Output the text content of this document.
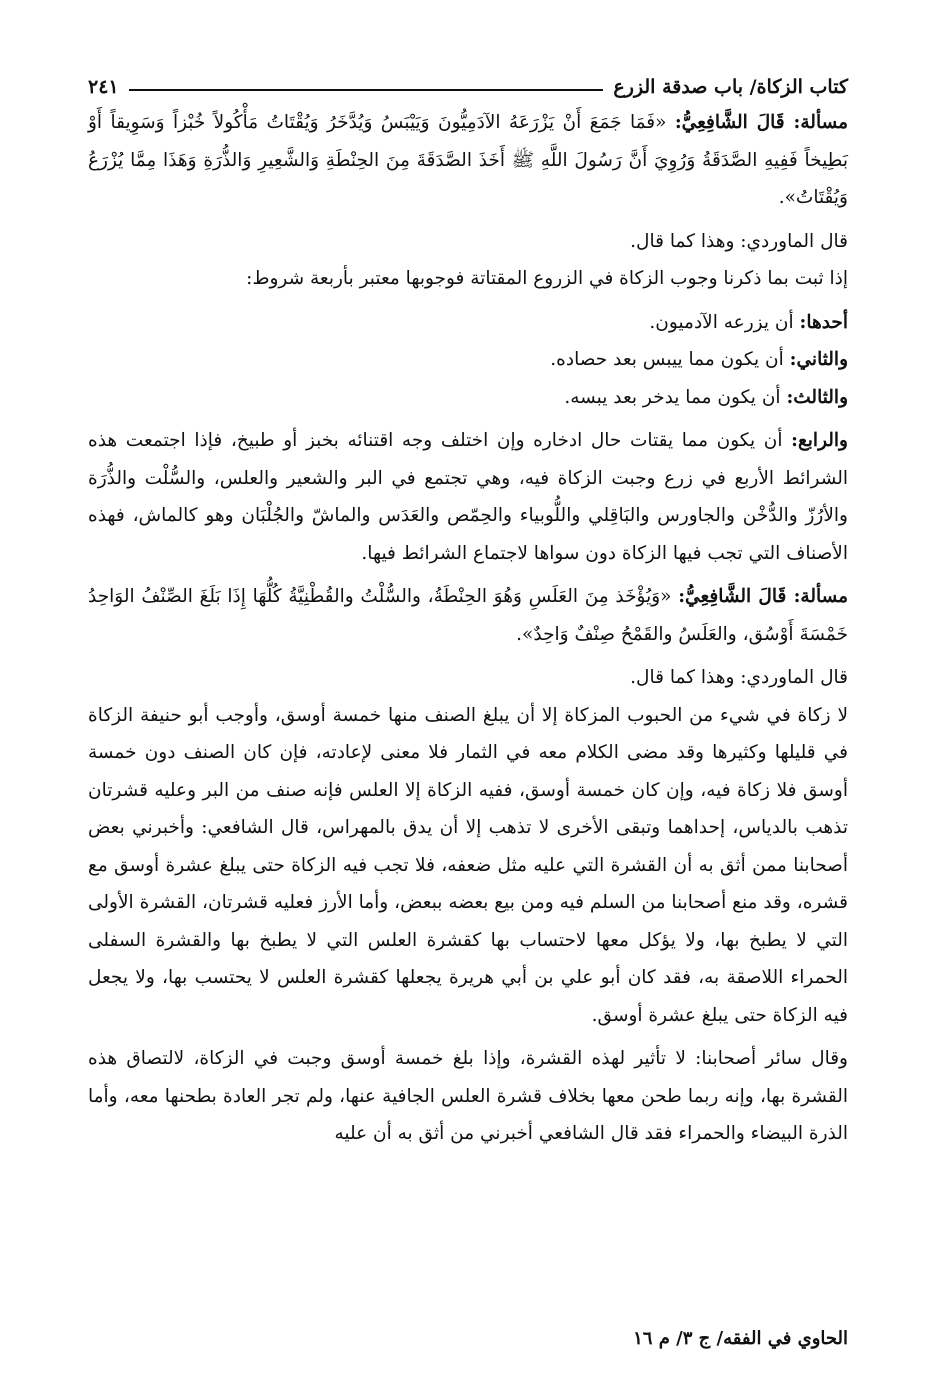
كتاب الزكاة/ باب صدقة الزرع
٢٤١

مسألة: قَالَ الشَّافِعِيُّ: «فَمَا جَمَعَ أَنْ يَزْرَعَهُ الآدَمِيُّونَ وَيَيْبَسُ وَيُدَّخَرُ وَيُقْتَاتُ مَأْكُولاً خُبْزاً وَسَوِيقاً أَوْ بَطِيخاً فَفِيهِ الصَّدَقَةُ وَرُوِيَ أَنَّ رَسُولَ اللَّهِ ﷺ أَخَذَ الصَّدَقَةَ مِنَ الحِنْطَةِ وَالشَّعِيرِ وَالذُّرَةِ وَهَذَا مِمَّا يُزْرَعُ وَيُقْتَاتُ».

قال الماوردي: وهذا كما قال.

إذا ثبت بما ذكرنا وجوب الزكاة في الزروع المقتاتة فوجوبها معتبر بأربعة شروط:

أحدها: أن يزرعه الآدميون.

والثاني: أن يكون مما ييبس بعد حصاده.

والثالث: أن يكون مما يدخر بعد يبسه.

والرابع: أن يكون مما يقتات حال ادخاره وإن اختلف وجه اقتنائه بخبز أو طبيخ، فإذا اجتمعت هذه الشرائط الأربع في زرع وجبت الزكاة فيه، وهي تجتمع في البر والشعير والعلس، والسُّلْت والذُّرَة والأرُزّ والدُّخْن والجاورس والبَاقِلي واللُّوبياء والحِمّص والعَدَس والماشّ والجُلْبَان وهو كالماش، فهذه الأصناف التي تجب فيها الزكاة دون سواها لاجتماع الشرائط فيها.

مسألة: قَالَ الشَّافِعِيُّ: «وَيُؤْخَذ مِنَ العَلَسِ وَهُوَ الحِنْطَةُ، والسُّلْتُ والقُطْنِيَّةُ كُلُّهَا إِذَا بَلَغَ الصِّنْفُ الوَاحِدُ خَمْسَةَ أَوْسُق، والعَلَسُ والقَمْحُ صِنْفٌ وَاحِدٌ».

قال الماوردي: وهذا كما قال.

لا زكاة في شيء من الحبوب المزكاة إلا أن يبلغ الصنف منها خمسة أوسق، وأوجب أبو حنيفة الزكاة في قليلها وكثيرها وقد مضى الكلام معه في الثمار فلا معنى لإعادته، فإن كان الصنف دون خمسة أوسق فلا زكاة فيه، وإن كان خمسة أوسق، ففيه الزكاة إلا العلس فإنه صنف من البر وعليه قشرتان تذهب بالدياس، إحداهما وتبقى الأخرى لا تذهب إلا أن يدق بالمهراس، قال الشافعي: وأخبرني بعض أصحابنا ممن أثق به أن القشرة التي عليه مثل ضعفه، فلا تجب فيه الزكاة حتى يبلغ عشرة أوسق مع قشره، وقد منع أصحابنا من السلم فيه ومن بيع بعضه ببعض، وأما الأرز فعليه قشرتان، القشرة الأولى التي لا يطبخ بها، ولا يؤكل معها لاحتساب بها كقشرة العلس التي لا يطبخ بها والقشرة السفلى الحمراء اللاصقة به، فقد كان أبو علي بن أبي هريرة يجعلها كقشرة العلس لا يحتسب بها، ولا يجعل فيه الزكاة حتى يبلغ عشرة أوسق.

وقال سائر أصحابنا: لا تأثير لهذه القشرة، وإذا بلغ خمسة أوسق وجبت في الزكاة، لالتصاق هذه القشرة بها، وإنه ربما طحن معها بخلاف قشرة العلس الجافية عنها، ولم تجر العادة بطحنها معه، وأما الذرة البيضاء والحمراء فقد قال الشافعي أخبرني من أثق به أن عليه

الحاوي في الفقه/ ج ٣/ م ١٦
